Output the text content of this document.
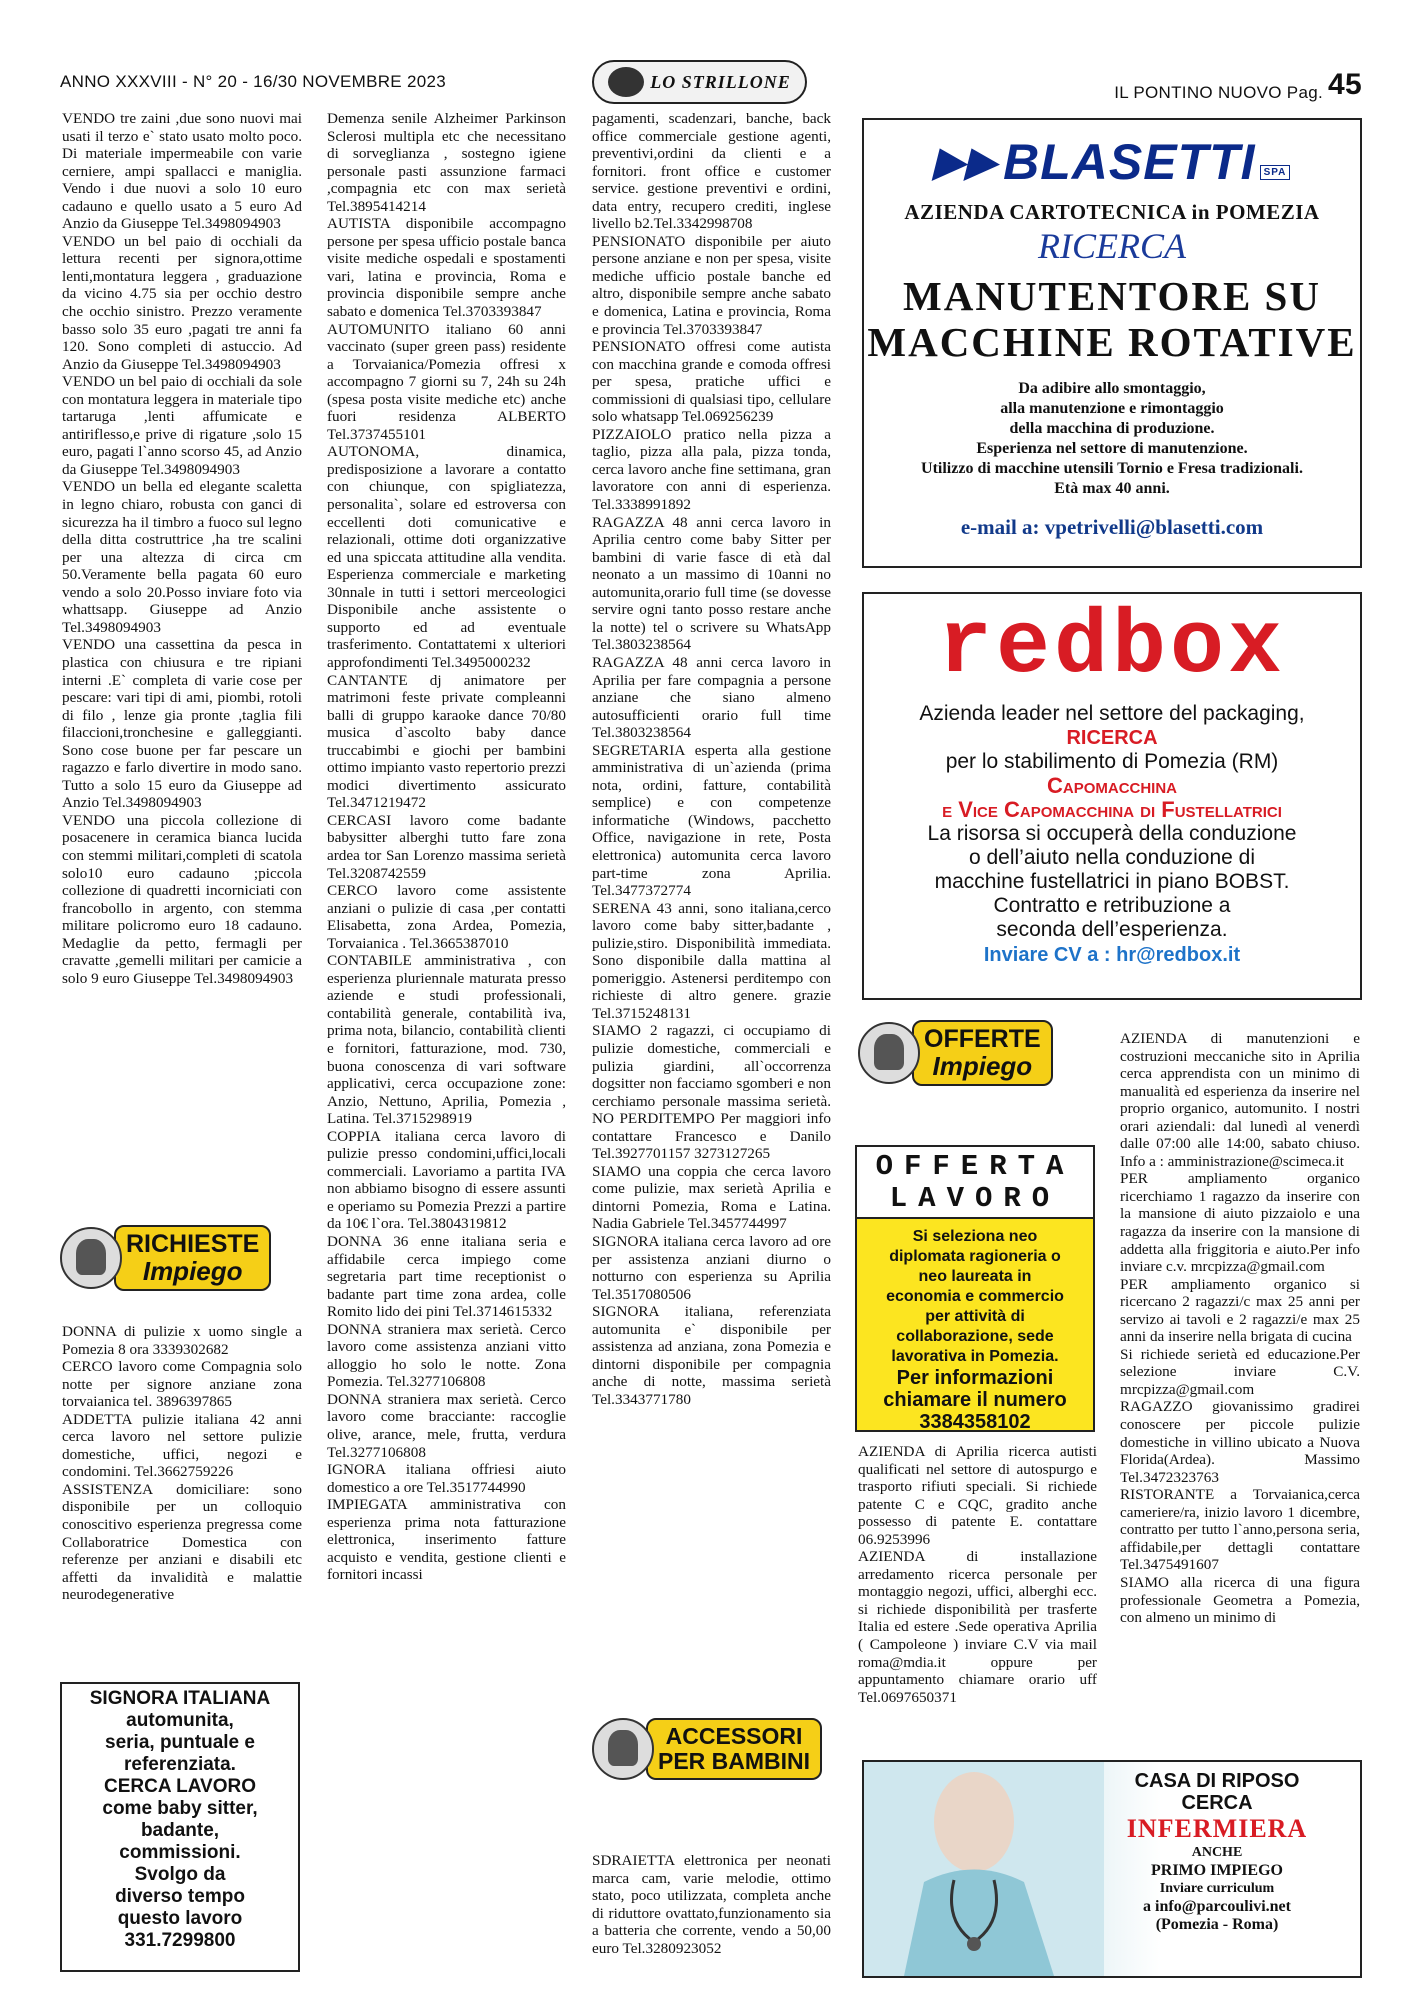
ANNO XXXVIII - N° 20 - 16/30 NOVEMBRE 2023	LO STRILLONE
IL PONTINO NUOVO Pag. 45

VENDO tre zaini ,due sono nuovi mai usati il terzo e` stato usato molto poco. Di materiale impermeabile con varie cerniere, ampi spallacci e maniglia. Vendo i due nuovi a solo 10 euro cadauno e quello usato a 5 euro Ad Anzio da Giuseppe Tel.3498094903

VENDO un bel paio di occhiali da lettura recenti per signora,ottime lenti,montatura leggera , graduazione da vicino 4.75 sia per occhio destro che occhio sinistro. Prezzo veramente basso solo 35 euro ,pagati tre anni fa 120. Sono completi di astuccio. Ad Anzio da Giuseppe Tel.3498094903

VENDO un bel paio di occhiali da sole con montatura leggera in materiale tipo tartaruga ,lenti affumicate e antiriflesso,e prive di rigature ,solo 15 euro, pagati l`anno scorso 45, ad Anzio da Giuseppe Tel.3498094903

VENDO un bella ed elegante scaletta in legno chiaro, robusta con ganci di sicurezza ha il timbro a fuoco sul legno della ditta costruttrice ,ha tre scalini per una altezza di circa cm 50.Veramente bella pagata 60 euro vendo a solo 20.Posso inviare foto via whattsapp. Giuseppe ad Anzio Tel.3498094903

VENDO una cassettina da pesca in plastica con chiusura e tre ripiani interni .E` completa di varie cose per pescare: vari tipi di ami, piombi, rotoli di filo , lenze gia pronte ,taglia fili filaccioni,tronchesine e galleggianti. Sono cose buone per far pescare un ragazzo e farlo divertire in modo sano. Tutto a solo 15 euro da Giuseppe ad Anzio Tel.3498094903

VENDO una piccola collezione di posacenere in ceramica bianca lucida con stemmi militari,completi di scatola solo10 euro cadauno ;piccola collezione di quadretti incorniciati con francobollo in argento, con stemma militare policromo euro 18 cadauno. Medaglie da petto, fermagli per cravatte ,gemelli militari per camicie a solo 9 euro Giuseppe Tel.3498094903

RICHIESTE
Impiego

DONNA di pulizie x uomo single a Pomezia 8 ora 3339302682

CERCO lavoro come Compagnia solo notte per signore anziane zona torvaianica tel. 3896397865

ADDETTA pulizie italiana 42 anni cerca lavoro nel settore pulizie domestiche, uffici, negozi e condomini. Tel.3662759226

ASSISTENZA domiciliare: sono disponibile per un colloquio conoscitivo esperienza pregressa come Collaboratrice Domestica con referenze per anziani e disabili etc affetti da invalidità e malattie neurodegenerative

SIGNORA ITALIANA
automunita,
seria, puntuale e
referenziata.
CERCA LAVORO
come baby sitter,
badante,
commissioni.
Svolgo da
diverso tempo
questo lavoro
331.7299800

Demenza senile Alzheimer Parkinson Sclerosi multipla etc che necessitano di sorveglianza , sostegno igiene personale pasti assunzione farmaci ,compagnia etc con max serietà Tel.3895414214

AUTISTA disponibile accompagno persone per spesa ufficio postale banca visite mediche ospedali e spostamenti vari, latina e provincia, Roma e provincia disponibile sempre anche sabato e domenica Tel.3703393847

AUTOMUNITO italiano 60 anni vaccinato (super green pass) residente a Torvaianica/Pomezia offresi x accompagno 7 giorni su 7, 24h su 24h (spesa posta visite mediche etc) anche fuori residenza ALBERTO Tel.3737455101

AUTONOMA, dinamica, predisposizione a lavorare a contatto con chiunque, con spigliatezza, personalita`, solare ed estroversa con eccellenti doti comunicative e relazionali, ottime doti organizzative ed una spiccata attitudine alla vendita. Esperienza commerciale e marketing 30nnale in tutti i settori merceologici Disponibile anche assistente o supporto ed ad eventuale trasferimento. Contattatemi x ulteriori approfondimenti Tel.3495000232

CANTANTE dj animatore per matrimoni feste private compleanni balli di gruppo karaoke dance 70/80 musica d`ascolto baby dance truccabimbi e giochi per bambini ottimo impianto vasto repertorio prezzi modici divertimento assicurato Tel.3471219472

CERCASI lavoro come badante babysitter alberghi tutto fare zona ardea tor San Lorenzo massima serietà Tel.3208742559

CERCO lavoro come assistente anziani o pulizie di casa ,per contatti Elisabetta, zona Ardea, Pomezia, Torvaianica . Tel.3665387010

CONTABILE amministrativa , con esperienza pluriennale maturata presso aziende e studi professionali, contabilità generale, contabilità iva, prima nota, bilancio, contabilità clienti e fornitori, fatturazione, mod. 730, buona conoscenza di vari software applicativi, cerca occupazione zone: Anzio, Nettuno, Aprilia, Pomezia , Latina. Tel.3715298919

COPPIA italiana cerca lavoro di pulizie presso condomini,uffici,locali commerciali. Lavoriamo a partita IVA non abbiamo bisogno di essere assunti e operiamo su Pomezia Prezzi a partire da 10€ l`ora. Tel.3804319812

DONNA 36 enne italiana seria e affidabile cerca impiego come segretaria part time receptionist o badante part time zona ardea, colle Romito lido dei pini Tel.3714615332

DONNA straniera max serietà. Cerco lavoro come assistenza anziani vitto alloggio ho solo le notte. Zona Pomezia. Tel.3277106808

DONNA straniera max serietà. Cerco lavoro come bracciante: raccoglie olive, arance, mele, frutta, verdura Tel.3277106808

IGNORA italiana offriesi aiuto domestico a ore Tel.3517744990

IMPIEGATA amministrativa con esperienza prima nota fatturazione elettronica, inserimento fatture acquisto e vendita, gestione clienti e fornitori incassi

pagamenti, scadenzari, banche, back office commerciale gestione agenti, preventivi,ordini da clienti e a fornitori. front office e customer service. gestione preventivi e ordini, data entry, recupero crediti, inglese livello b2.Tel.3342998708

PENSIONATO disponibile per aiuto persone anziane e non per spesa, visite mediche ufficio postale banche ed altro, disponibile sempre anche sabato e domenica, Latina e provincia, Roma e provincia Tel.3703393847

PENSIONATO offresi come autista con macchina grande e comoda offresi per spesa, pratiche uffici e commissioni di qualsiasi tipo, cellulare solo whatsapp Tel.069256239

PIZZAIOLO pratico nella pizza a taglio, pizza alla pala, pizza tonda, cerca lavoro anche fine settimana, gran lavoratore con anni di esperienza. Tel.3338991892

RAGAZZA 48 anni cerca lavoro in Aprilia centro come baby Sitter per bambini di varie fasce di età dal neonato a un massimo di 10anni no automunita,orario full time (se dovesse servire ogni tanto posso restare anche la notte) tel o scrivere su WhatsApp Tel.3803238564

RAGAZZA 48 anni cerca lavoro in Aprilia per fare compagnia a persone anziane che siano almeno autosufficienti orario full time Tel.3803238564

SEGRETARIA esperta alla gestione amministrativa di un`azienda (prima nota, ordini, fatture, contabilità semplice) e con competenze informatiche (Windows, pacchetto Office, navigazione in rete, Posta elettronica) automunita cerca lavoro part-time zona Aprilia. Tel.3477372774

SERENA 43 anni, sono italiana,cerco lavoro come baby sitter,badante , pulizie,stiro. Disponibilità immediata. Sono disponibile dalla mattina al pomeriggio. Astenersi perditempo con richieste di altro genere. grazie Tel.3715248131

SIAMO 2 ragazzi, ci occupiamo di pulizie domestiche, commerciali e pulizia giardini, all`occorrenza dogsitter non facciamo sgomberi e non cerchiamo personale massima serietà. NO PERDITEMPO Per maggiori info contattare Francesco e Danilo Tel.3927701157 3273127265

SIAMO una coppia che cerca lavoro come pulizie, max serietà Aprilia e dintorni Pomezia, Roma e Latina. Nadia Gabriele Tel.3457744997

SIGNORA italiana cerca lavoro ad ore per assistenza anziani diurno o notturno con esperienza su Aprilia Tel.3517080506

SIGNORA italiana, referenziata automunita e` disponibile per assistenza ad anziana, zona Pomezia e dintorni disponibile per compagnia anche di notte, massima serietà Tel.3343771780

ACCESSORI
PER BAMBINI

SDRAIETTA elettronica per neonati marca cam, varie melodie, ottimo stato, poco utilizzata, completa anche di riduttore ovattato,funzionamento sia a batteria che corrente, vendo a 50,00 euro Tel.3280923052

▶▶ BLASETTI SPA
AZIENDA CARTOTECNICA in POMEZIA
RICERCA
MANUTENTORE SU
MACCHINE ROTATIVE
Da adibire allo smontaggio,
alla manutenzione e rimontaggio
della macchina di produzione.
Esperienza nel settore di manutenzione.
Utilizzo di macchine utensili Tornio e Fresa tradizionali.
Età max 40 anni.
e-mail a: vpetrivelli@blasetti.com
redbox
Azienda leader nel settore del packaging,
RICERCA
per lo stabilimento di Pomezia (RM)
Capomacchina
e Vice Capomacchina di Fustellatrici
La risorsa si occuperà della conduzione
o dell’aiuto nella conduzione di
macchine fustellatrici in piano BOBST.
Contratto e retribuzione a
seconda dell’esperienza.
Inviare CV a : hr@redbox.it
OFFERTE
Impiego
OFFERTA LAVORO
Si seleziona neo
diplomata ragioneria o
neo laureata in
economia e commercio
per attività di
collaborazione, sede
lavorativa in Pomezia.
Per informazioni
chiamare il numero
3384358102

AZIENDA di Aprilia ricerca autisti qualificati nel settore di autospurgo e trasporto rifiuti speciali. Si richiede patente C e CQC, gradito anche possesso di patente E. contattare 06.9253996

AZIENDA di installazione arredamento ricerca personale per montaggio negozi, uffici, alberghi ecc. si richiede disponibilità per trasferte Italia ed estere .Sede operativa Aprilia ( Campoleone ) inviare C.V via mail roma@mdia.it oppure per appuntamento chiamare orario uff Tel.0697650371

AZIENDA di manutenzioni e costruzioni meccaniche sito in Aprilia cerca apprendista con un minimo di manualità ed esperienza da inserire nel proprio organico, automunito. I nostri orari aziendali: dal lunedì al venerdì dalle 07:00 alle 14:00, sabato chiuso. Info a : amministrazione@scimeca.it

PER ampliamento organico ricerchiamo 1 ragazzo da inserire con la mansione di aiuto pizzaiolo e una ragazza da inserire con la mansione di addetta alla friggitoria e aiuto.Per info inviare c.v. mrcpizza@gmail.com

PER ampliamento organico si ricercano 2 ragazzi/c max 25 anni per servizo ai tavoli e 2 ragazzi/e max 25 anni da inserire nella brigata di cucina

Si richiede serietà ed educazione.Per selezione inviare C.V. mrcpizza@gmail.com

RAGAZZO giovanissimo gradirei conoscere per piccole pulizie domestiche in villino ubicato a Nuova Florida(Ardea). Massimo Tel.3472323763

RISTORANTE a Torvaianica,cerca cameriere/ra, inizio lavoro 1 dicembre, contratto per tutto l`anno,persona seria, affidabile,per dettagli contattare Tel.3475491607

SIAMO alla ricerca di una figura professionale Geometra a Pomezia, con almeno un minimo di

CASA DI RIPOSO
CERCA
INFERMIERA
ANCHE
PRIMO IMPIEGO
Inviare curriculum
a info@parcoulivi.net
(Pomezia - Roma)
